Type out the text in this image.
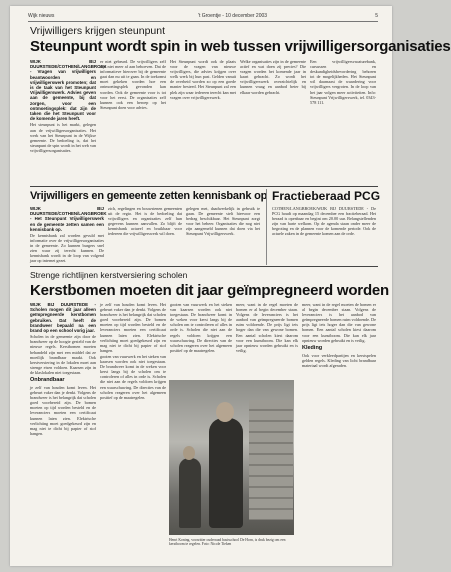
Wijk nieuws	't Groentje - 10 december 2003	5
Vrijwilligers krijgen steunpunt
Steunpunt wordt spin in web tussen vrijwilligersorganisaties

WIJK BIJ DUURSTEDE/COTHEN/LANGBROEK - Vragen van vrijwilligers beantwoorden en vrijwilligerswerk promoten; dat is de taak van het Steunpunt Vrijwilligerswerk. Advies geven aan de gemeente, bij dat zorgen, voor een ontmoetingsplek: dat zijn de taken die het Steunpunt voor de komende jaren heeft.

Het steunpunt is het markt, gelegen aan de vrijwilligersorganisaties. Het werk van het Steunpunt in de Wijkse gemeente. De bedoeling is, dat het steunpunt de spin wordt in het web van vrijwilligersorganisaties.

er niet gebeurd. De vrijwilligers zelf zijn niet meer af aan behoeven. Dat de informatieve hierover bij de gemeente gaat dan nu uit te gaan. In de toekomst moet gekeken worden hoe een ontmoetingsplek gevonden kan worden. Ook de gemeente voor is tot voor het eerst. De organisaties zelf kunnen ook een beroep op het Steunpunt doen voor advies.

Het Steunpunt wordt ook de plaats voor de vragen van nieuwe vrijwilligers, die advies krijgen over welk werk bij hun past. Gelden vanuit de overheid worden zo op een goede manier besteed. Het Steunpunt zal een plek zijn waar iedereen terecht kan met vragen over vrijwilligerswerk.

Welke organisaties zijn in de gemeente actief en wat doen zij precies? Die vragen worden het komende jaar in kaart gebracht. Zo wordt het vrijwilligerswerk overzichtelijk en kunnen vraag en aanbod beter bij elkaar worden gebracht.

Een vrijwilligersvacaturebank, cursussen en deskundigheidsbevordering behoren tot de mogelijkheden. Het Steunpunt wil daarnaast de waardering voor vrijwilligers vergroten. In de loop van het jaar volgen meer activiteiten. Info: Steunpunt Vrijwilligerswerk, tel. 0343-578 111.

Vrijwilligers en gemeente zetten kennisbank op

WIJK BIJ DUURSTEDE/COTHEN/LANGBROEK - Het Steunpunt Vrijwilligerswerk en de gemeente zetten samen een kennisbank op.

De kennisbank zal worden gevuld met informatie over de vrijwilligersorganisaties in de gemeente. Zo kunnen burgers snel zien waar zij terecht kunnen. De kennisbank wordt in de loop van volgend jaar op internet gezet.

zich, regelingen en bouwstenen gemeenten uit de regio. Het is de bedoeling dat vrijwilligers en organisaties zelf hun gegevens kunnen aanvullen. Zo blijft de kennisbank actueel en bruikbaar voor iedereen die vrijwilligerswerk wil doen.

gelegen met, daadwerkelijk in gebruik te gaan. De gemeente stelt hiervoor een bedrag beschikbaar. Het Steunpunt zorgt voor het beheer. Organisaties die nog niet zijn aangemeld kunnen dat doen via het Steunpunt Vrijwilligerswerk.

Fractieberaad PCG

COTHEN/LANGBROEK/WIJK BIJ DUURSTEDE - De PCG houdt op maandag 15 december een fractieberaad. Het beraad is openbaar en begint om 20.00 uur. Belangstellenden zijn van harte welkom. Op de agenda staan onder meer de begroting en de plannen voor de komende periode. Ook de actuele zaken in de gemeente komen aan de orde.

Strenge richtlijnen kerstversiering scholen
Kerstbomen moeten dit jaar geïmpregneerd worden

WIJK BIJ DUURSTEDE - Scholen mogen dit jaar alleen geïmpregneerde kerstbomen gebruiken. Dat heeft de brandweer bepaald na een brand op een school vorig jaar.

Scholen in de gemeente zijn door de brandweer op de hoogte gesteld van de nieuwe regels. Kerstbomen moeten behandeld zijn met een middel dat ze moeilijk brandbaar maakt. Ook kerstversiering in de lokalen moet aan strenge eisen voldoen. Kaarsen zijn in de klaslokalen niet toegestaan.

Onbrandbaar

je zelf van houden komt leven. Het gebeurt vaker dan je denkt. Volgens de brandweer is het belangrijk dat scholen goed voorbereid zijn. De bomen moeten op tijd worden besteld en de leveranciers moeten een certificaat kunnen laten zien. Elektrische verlichting moet goedgekeurd zijn en mag niet te dicht bij papier of stof hangen.

je zelf van houden komt leven. Het gebeurt vaker dan je denkt. Volgens de brandweer is het belangrijk dat scholen goed voorbereid zijn. De bomen moeten op tijd worden besteld en de leveranciers moeten een certificaat kunnen laten zien. Elektrische verlichting moet goedgekeurd zijn en mag niet te dicht bij papier of stof hangen.

gooien van vuurwerk en het steken van kaarsen worden ook niet toegestaan. De brandweer komt in de weken voor kerst langs bij de scholen om te controleren of alles in orde is. Scholen die niet aan de regels voldoen krijgen een waarschuwing. De directies van de scholen reageren over het algemeen positief op de maatregelen.

gooien van vuurwerk en het steken van kaarsen worden ook niet toegestaan. De brandweer komt in de weken voor kerst langs bij de scholen om te controleren of alles in orde is. Scholen die niet aan de regels voldoen krijgen een waarschuwing. De directies van de scholen reageren over het algemeen positief op de maatregelen.

meer, want in de regel moeten de bomen er al begin december staan. Volgens de leveranciers is het aanbod van geïmpregneerde bomen ruim voldoende. De prijs ligt iets hoger dan die van gewone bomen. Een aantal scholen kiest daarom voor een kunstboom. Die kan elk jaar opnieuw worden gebruikt en is veilig.

meer, want in de regel moeten de bomen er al begin december staan. Volgens de leveranciers is het aanbod van geïmpregneerde bomen ruim voldoende. De prijs ligt iets hoger dan die van gewone bomen. Een aantal scholen kiest daarom voor een kunstboom. Die kan elk jaar opnieuw worden gebruikt en is veilig.

Kleding

Ook voor verkleedpartijen en kerstspelen gelden regels. Kleding van licht brandbaar materiaal wordt afgeraden.

Henri Koning, voorzitter ouderraad basisschool De Horn, is druk bezig om een kerstboom te regelen. Foto: Nicole Tieken
